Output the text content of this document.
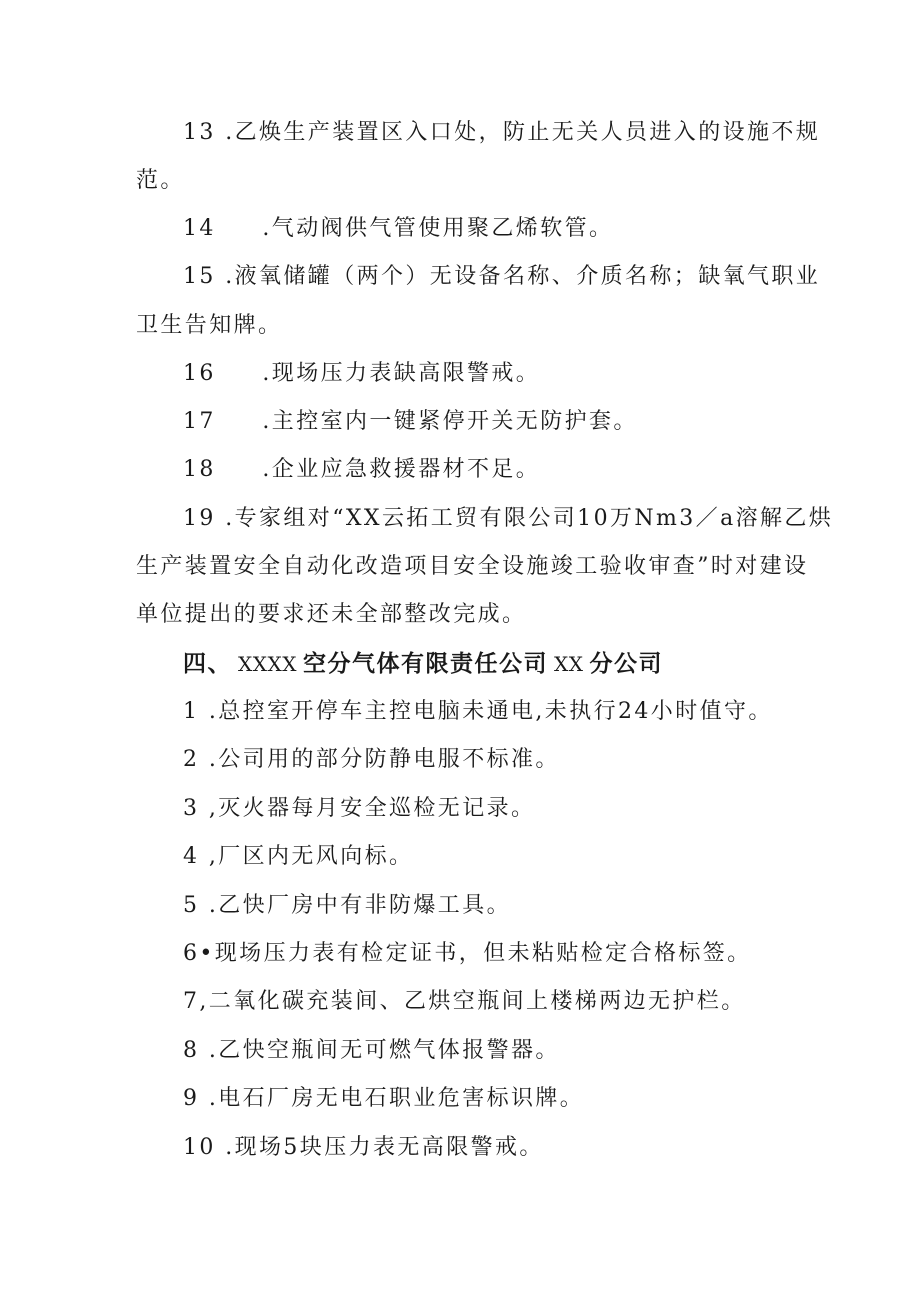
13 .乙焕生产装置区入口处，防止无关人员进入的设施不规
范。
14 .气动阀供气管使用聚乙烯软管。
15 .液氧储罐（两个）无设备名称、介质名称；缺氧气职业
卫生告知牌。
16 .现场压力表缺高限警戒。
17 .主控室内一键紧停开关无防护套。
18 .企业应急救援器材不足。
19 .专家组对“XX云拓工贸有限公司10万Nm3／a溶解乙烘
生产装置安全自动化改造项目安全设施竣工验收审查”时对建设
单位提出的要求还未全部整改完成。
四、 XXXX 空分气体有限责任公司 XX 分公司
1 .总控室开停车主控电脑未通电,未执行24小时值守。
2 .公司用的部分防静电服不标准。
3 ,灭火器每月安全巡检无记录。
4 ,厂区内无风向标。
5 .乙快厂房中有非防爆工具。
6•现场压力表有检定证书，但未粘贴检定合格标签。
7,二氧化碳充装间、乙烘空瓶间上楼梯两边无护栏。
8 .乙快空瓶间无可燃气体报警器。
9 .电石厂房无电石职业危害标识牌。
10 .现场5块压力表无高限警戒。
